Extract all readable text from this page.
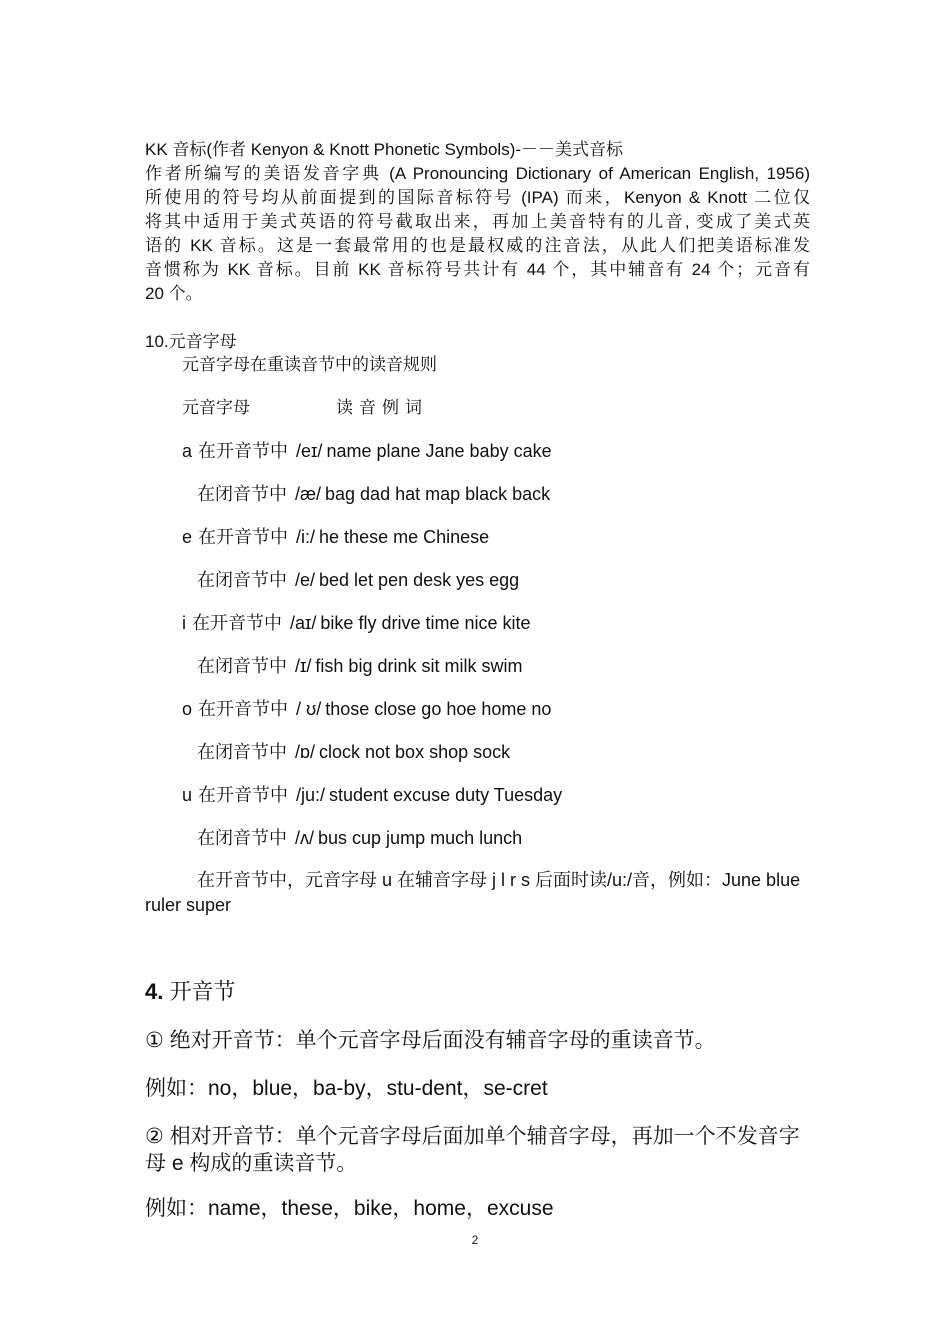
KK 音标(作者 Kenyon & Knott Phonetic Symbols)-－－美式音标
作者所编写的美语发音字典 (A Pronouncing Dictionary of American English, 1956)
所使用的符号均从前面提到的国际音标符号 (IPA) 而来，Kenyon & Knott 二位仅
将其中适用于美式英语的符号截取出来，再加上美音特有的儿音, 变成了美式英
语的 KK 音标。这是一套最常用的也是最权威的注音法，从此人们把美语标准发
音惯称为 KK 音标。目前 KK 音标符号共计有 44 个，其中辅音有 24 个；元音有
20 个。
10.元音字母
元音字母在重读音节中的读音规则
元音字母	读音例词
a 在开音节中 /eɪ/ name plane Jane baby cake
在闭音节中 /æ/ bag dad hat map black back
e 在开音节中 /i:/ he these me Chinese
在闭音节中 /e/ bed let pen desk yes egg
i 在开音节中 /aɪ/ bike fly drive time nice kite
在闭音节中 /ɪ/ fish big drink sit milk swim
o 在开音节中 / ʊ/ those close go hoe home no
在闭音节中 /ɒ/ clock not box shop sock
u 在开音节中 /ju:/ student excuse duty Tuesday
在闭音节中 /ʌ/ bus cup jump much lunch
在开音节中，元音字母 u 在辅音字母 j l r s 后面时读/u:/音，例如：June blue ruler super
4. 开音节
① 绝对开音节：单个元音字母后面没有辅音字母的重读音节。
例如：no，blue，ba-by，stu-dent，se-cret
② 相对开音节：单个元音字母后面加单个辅音字母，再加一个不发音字母 e 构成的重读音节。
例如：name，these，bike，home，excuse
2
